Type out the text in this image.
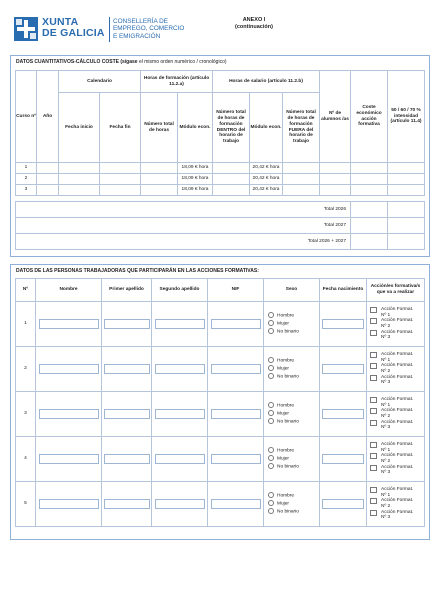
XUNTA
DE GALICIA
CONSELLERÍA DE
EMPREGO, COMERCIO
E EMIGRACIÓN
ANEXO I
(continuación)
DATOS CUANTITATIVOS-CÁLCULO COSTE (sígase el mismo orden numérico / cronológico)
Curso nº	Año	Calendario		Horas de formación (artículo 11.2.a)		Horas de salario (artículo 11.2.b)			Nº de alumnos /as	Coste económico acción formativa	50 / 60 / 70 % intensidad (artículo 11.4)
		Fecha inicio	Fecha fin	Número total de horas	Módulo econ.	Número total de horas de formación DENTRO del horario de trabajo	Módulo econ.	Número total de horas de formación FUERA del horario de trabajo			
1					18,09 € hora		20,42 € hora				
2					18,09 € hora		20,42 € hora				
3					18,09 € hora		20,42 € hora				
Total 2026		
Total 2027		
Total 2026 + 2027		
DATOS DE LAS PERSONAS TRABAJADORAS QUE PARTICIPARÁN EN LAS ACCIONES FORMATIVAS:
Nº	Nombre	Primer apellido	Segundo apellido	NIF	Sexo	Fecha nacimiento	Acción/es formativa/s que va a realizar
1					Hombre
Mujer
No binario		Acción Format. Nº 1
Acción Format. Nº 2
Acción Format. Nº 3

2					Hombre
Mujer
No binario		Acción Format. Nº 1
Acción Format. Nº 2
Acción Format. Nº 3

3					Hombre
Mujer
No binario		Acción Format. Nº 1
Acción Format. Nº 2
Acción Format. Nº 3

4					Hombre
Mujer
No binario		Acción Format. Nº 1
Acción Format. Nº 2
Acción Format. Nº 3

5					Hombre
Mujer
No binario		Acción Format. Nº 1
Acción Format. Nº 2
Acción Format. Nº 3
